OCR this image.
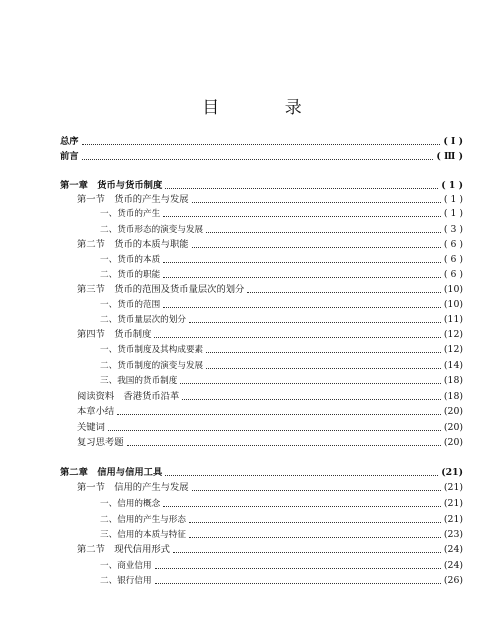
目 录
总序	( Ⅰ )
前言	( Ⅲ )
第一章　货币与货币制度	( 1 )
第一节　货币的产生与发展	( 1 )
一、货币的产生	( 1 )
二、货币形态的演变与发展	( 3 )
第二节　货币的本质与职能	( 6 )
一、货币的本质	( 6 )
二、货币的职能	( 6 )
第三节　货币的范围及货币量层次的划分	(10)
一、货币的范围	(10)
二、货币量层次的划分	(11)
第四节　货币制度	(12)
一、货币制度及其构成要素	(12)
二、货币制度的演变与发展	(14)
三、我国的货币制度	(18)
阅读资料　香港货币沿革	(18)
本章小结	(20)
关键词	(20)
复习思考题	(20)
第二章　信用与信用工具	(21)
第一节　信用的产生与发展	(21)
一、信用的概念	(21)
二、信用的产生与形态	(21)
三、信用的本质与特征	(23)
第二节　现代信用形式	(24)
一、商业信用	(24)
二、银行信用	(26)
